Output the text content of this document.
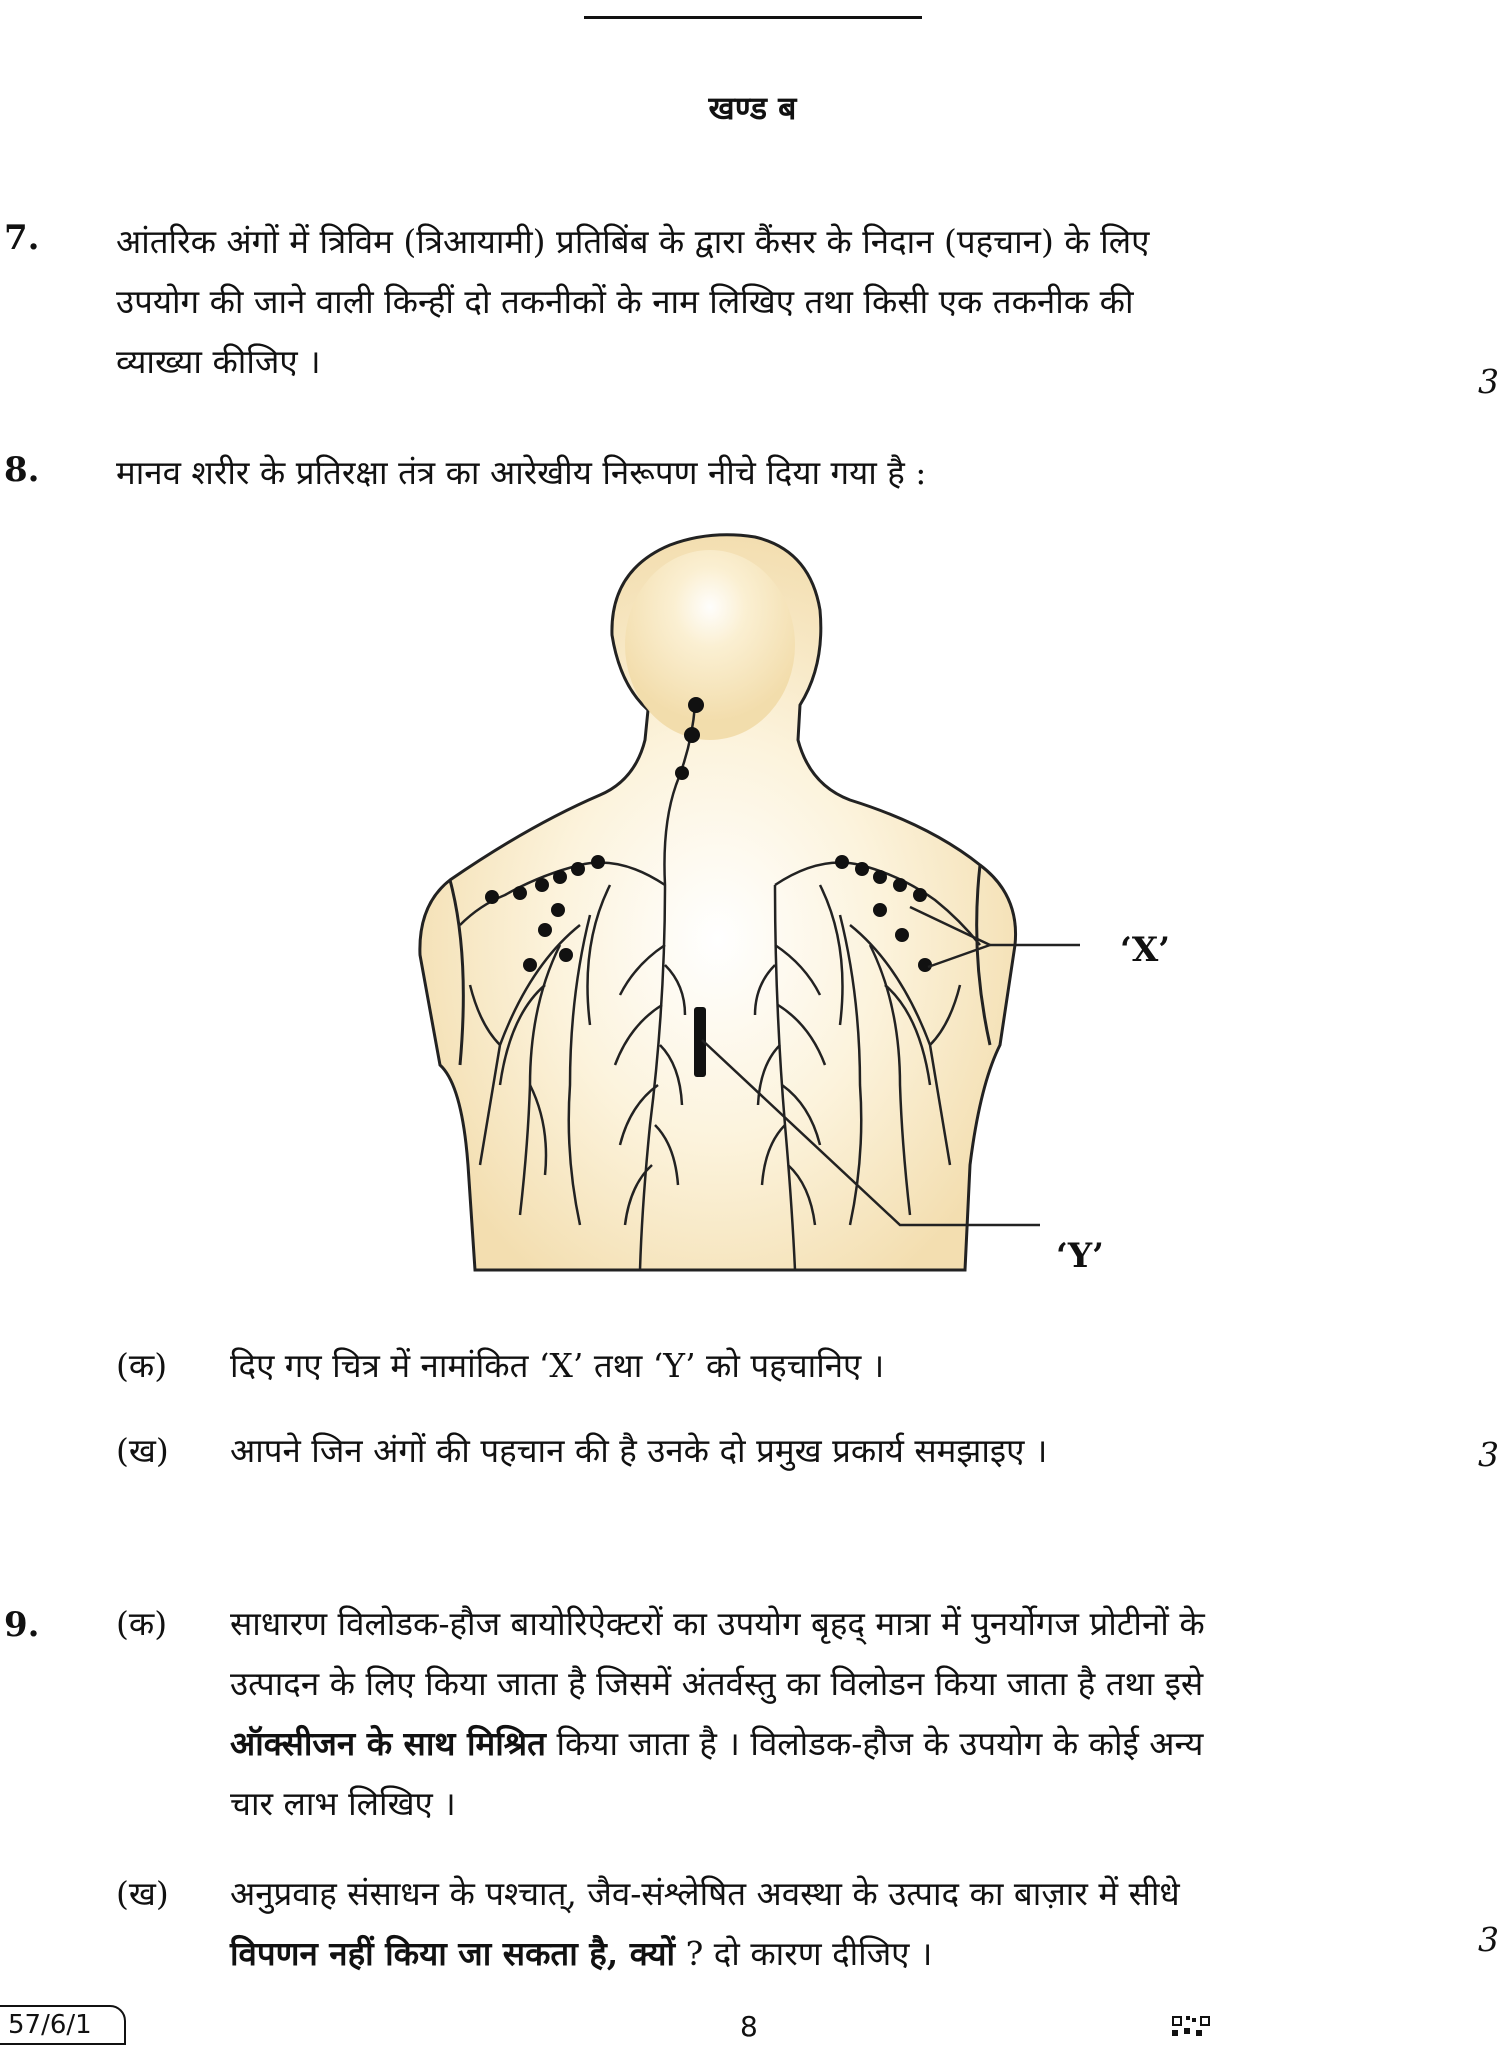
खण्ड ब
7. आंतरिक अंगों में त्रिविम (त्रिआयामी) प्रतिबिंब के द्वारा कैंसर के निदान (पहचान) के लिए
उपयोग की जाने वाली किन्हीं दो तकनीकों के नाम लिखिए तथा किसी एक तकनीक की
व्याख्या कीजिए ।
3
8. मानव शरीर के प्रतिरक्षा तंत्र का आरेखीय निरूपण नीचे दिया गया है :
‘X’
‘Y’
(क) दिए गए चित्र में नामांकित ‘X’ तथा ‘Y’ को पहचानिए ।
(ख) आपने जिन अंगों की पहचान की है उनके दो प्रमुख प्रकार्य समझाइए ।	3
9. (क) साधारण विलोडक-हौज बायोरिऐक्टरों का उपयोग बृहद् मात्रा में पुनर्योगज प्रोटीनों के
उत्पादन के लिए किया जाता है जिसमें अंतर्वस्तु का विलोडन किया जाता है तथा इसे
ऑक्सीजन के साथ मिश्रित किया जाता है । विलोडक-हौज के उपयोग के कोई अन्य
चार लाभ लिखिए ।
(ख) अनुप्रवाह संसाधन के पश्चात्, जैव-संश्लेषित अवस्था के उत्पाद का बाज़ार में सीधे
विपणन नहीं किया जा सकता है, क्यों ? दो कारण दीजिए ।	3
57/6/1	8
